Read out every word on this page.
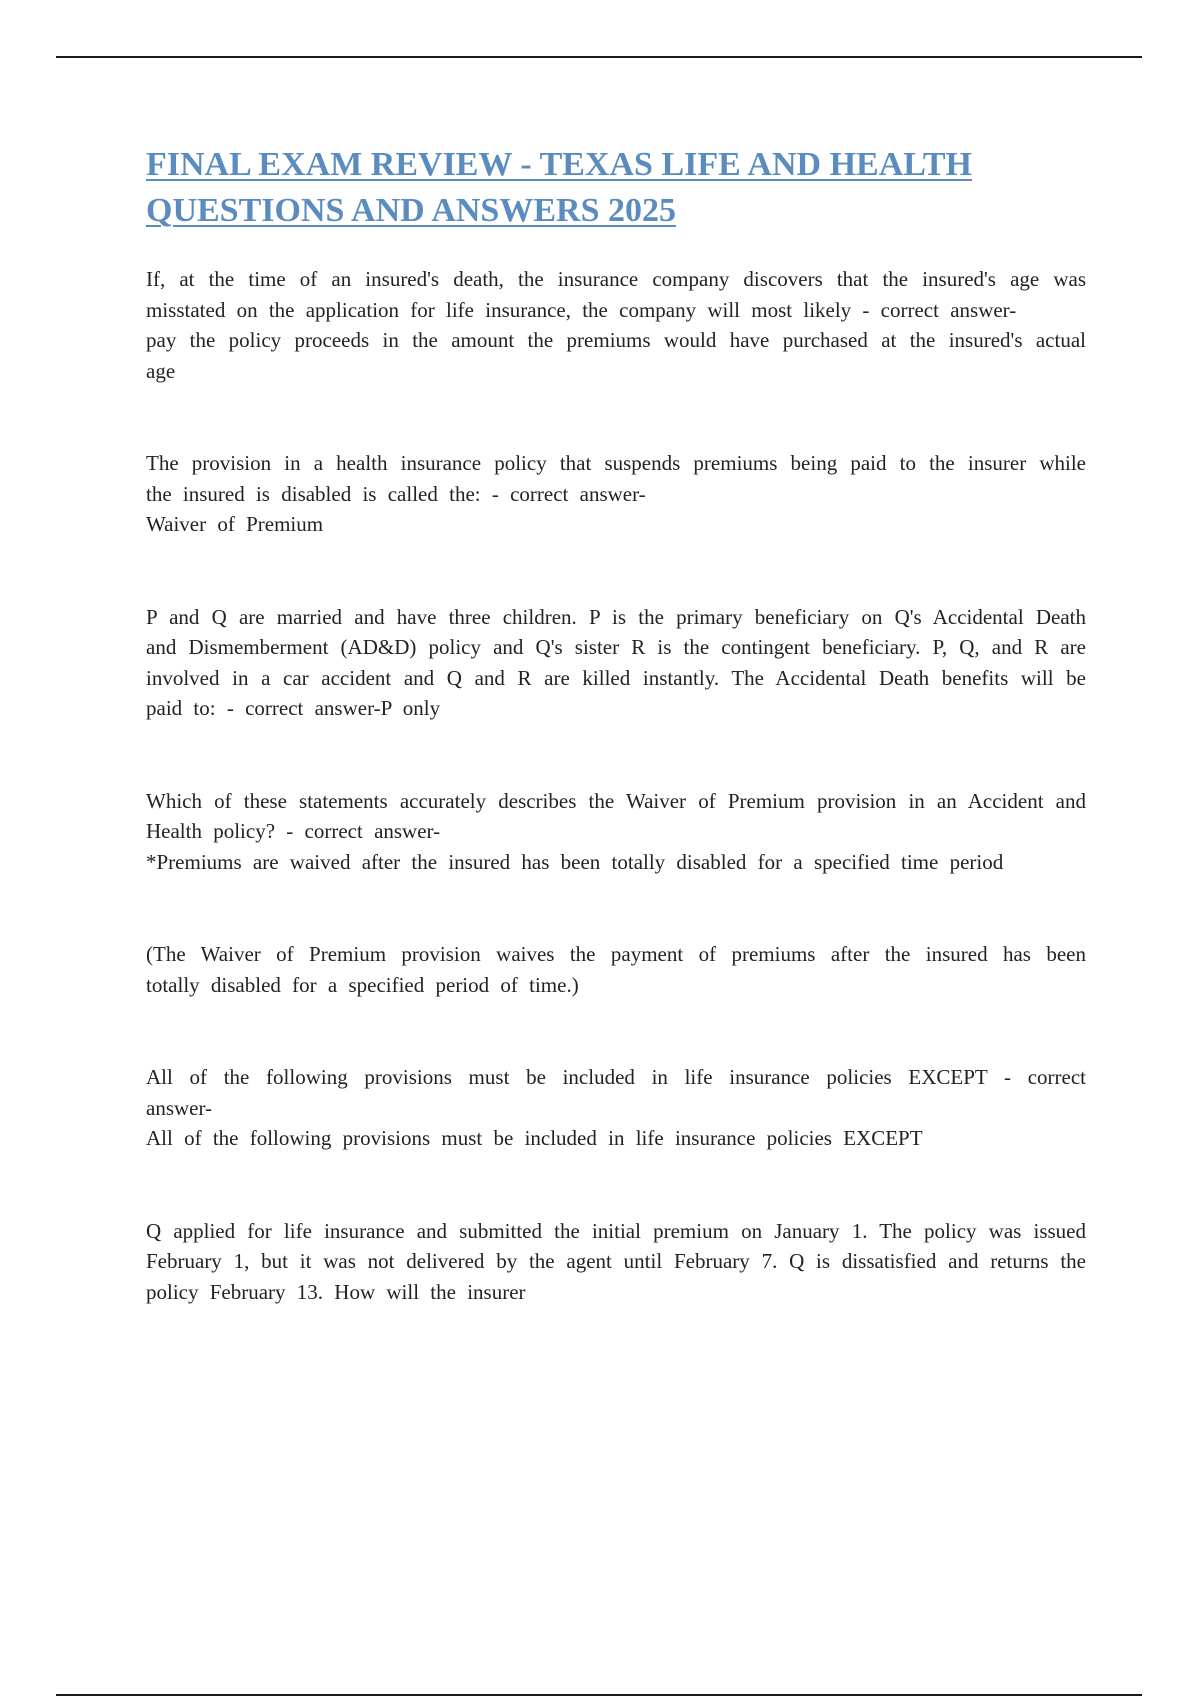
FINAL EXAM REVIEW - TEXAS LIFE AND HEALTH QUESTIONS AND ANSWERS 2025

If, at the time of an insured's death, the insurance company discovers that the insured's age was misstated on the application for life insurance, the company will most likely - correct answer-

pay the policy proceeds in the amount the premiums would have purchased at the insured's actual age

The provision in a health insurance policy that suspends premiums being paid to the insurer while the insured is disabled is called the: - correct answer-

Waiver of Premium

P and Q are married and have three children. P is the primary beneficiary on Q's Accidental Death and Dismemberment (AD&D) policy and Q's sister R is the contingent beneficiary. P, Q, and R are involved in a car accident and Q and R are killed instantly. The Accidental Death benefits will be paid to: - correct answer-P only

Which of these statements accurately describes the Waiver of Premium provision in an Accident and Health policy? - correct answer-

*Premiums are waived after the insured has been totally disabled for a specified time period

(The Waiver of Premium provision waives the payment of premiums after the insured has been totally disabled for a specified period of time.)

All of the following provisions must be included in life insurance policies EXCEPT - correct answer-

All of the following provisions must be included in life insurance policies EXCEPT

Q applied for life insurance and submitted the initial premium on January 1. The policy was issued February 1, but it was not delivered by the agent until February 7. Q is dissatisfied and returns the policy February 13. How will the insurer
